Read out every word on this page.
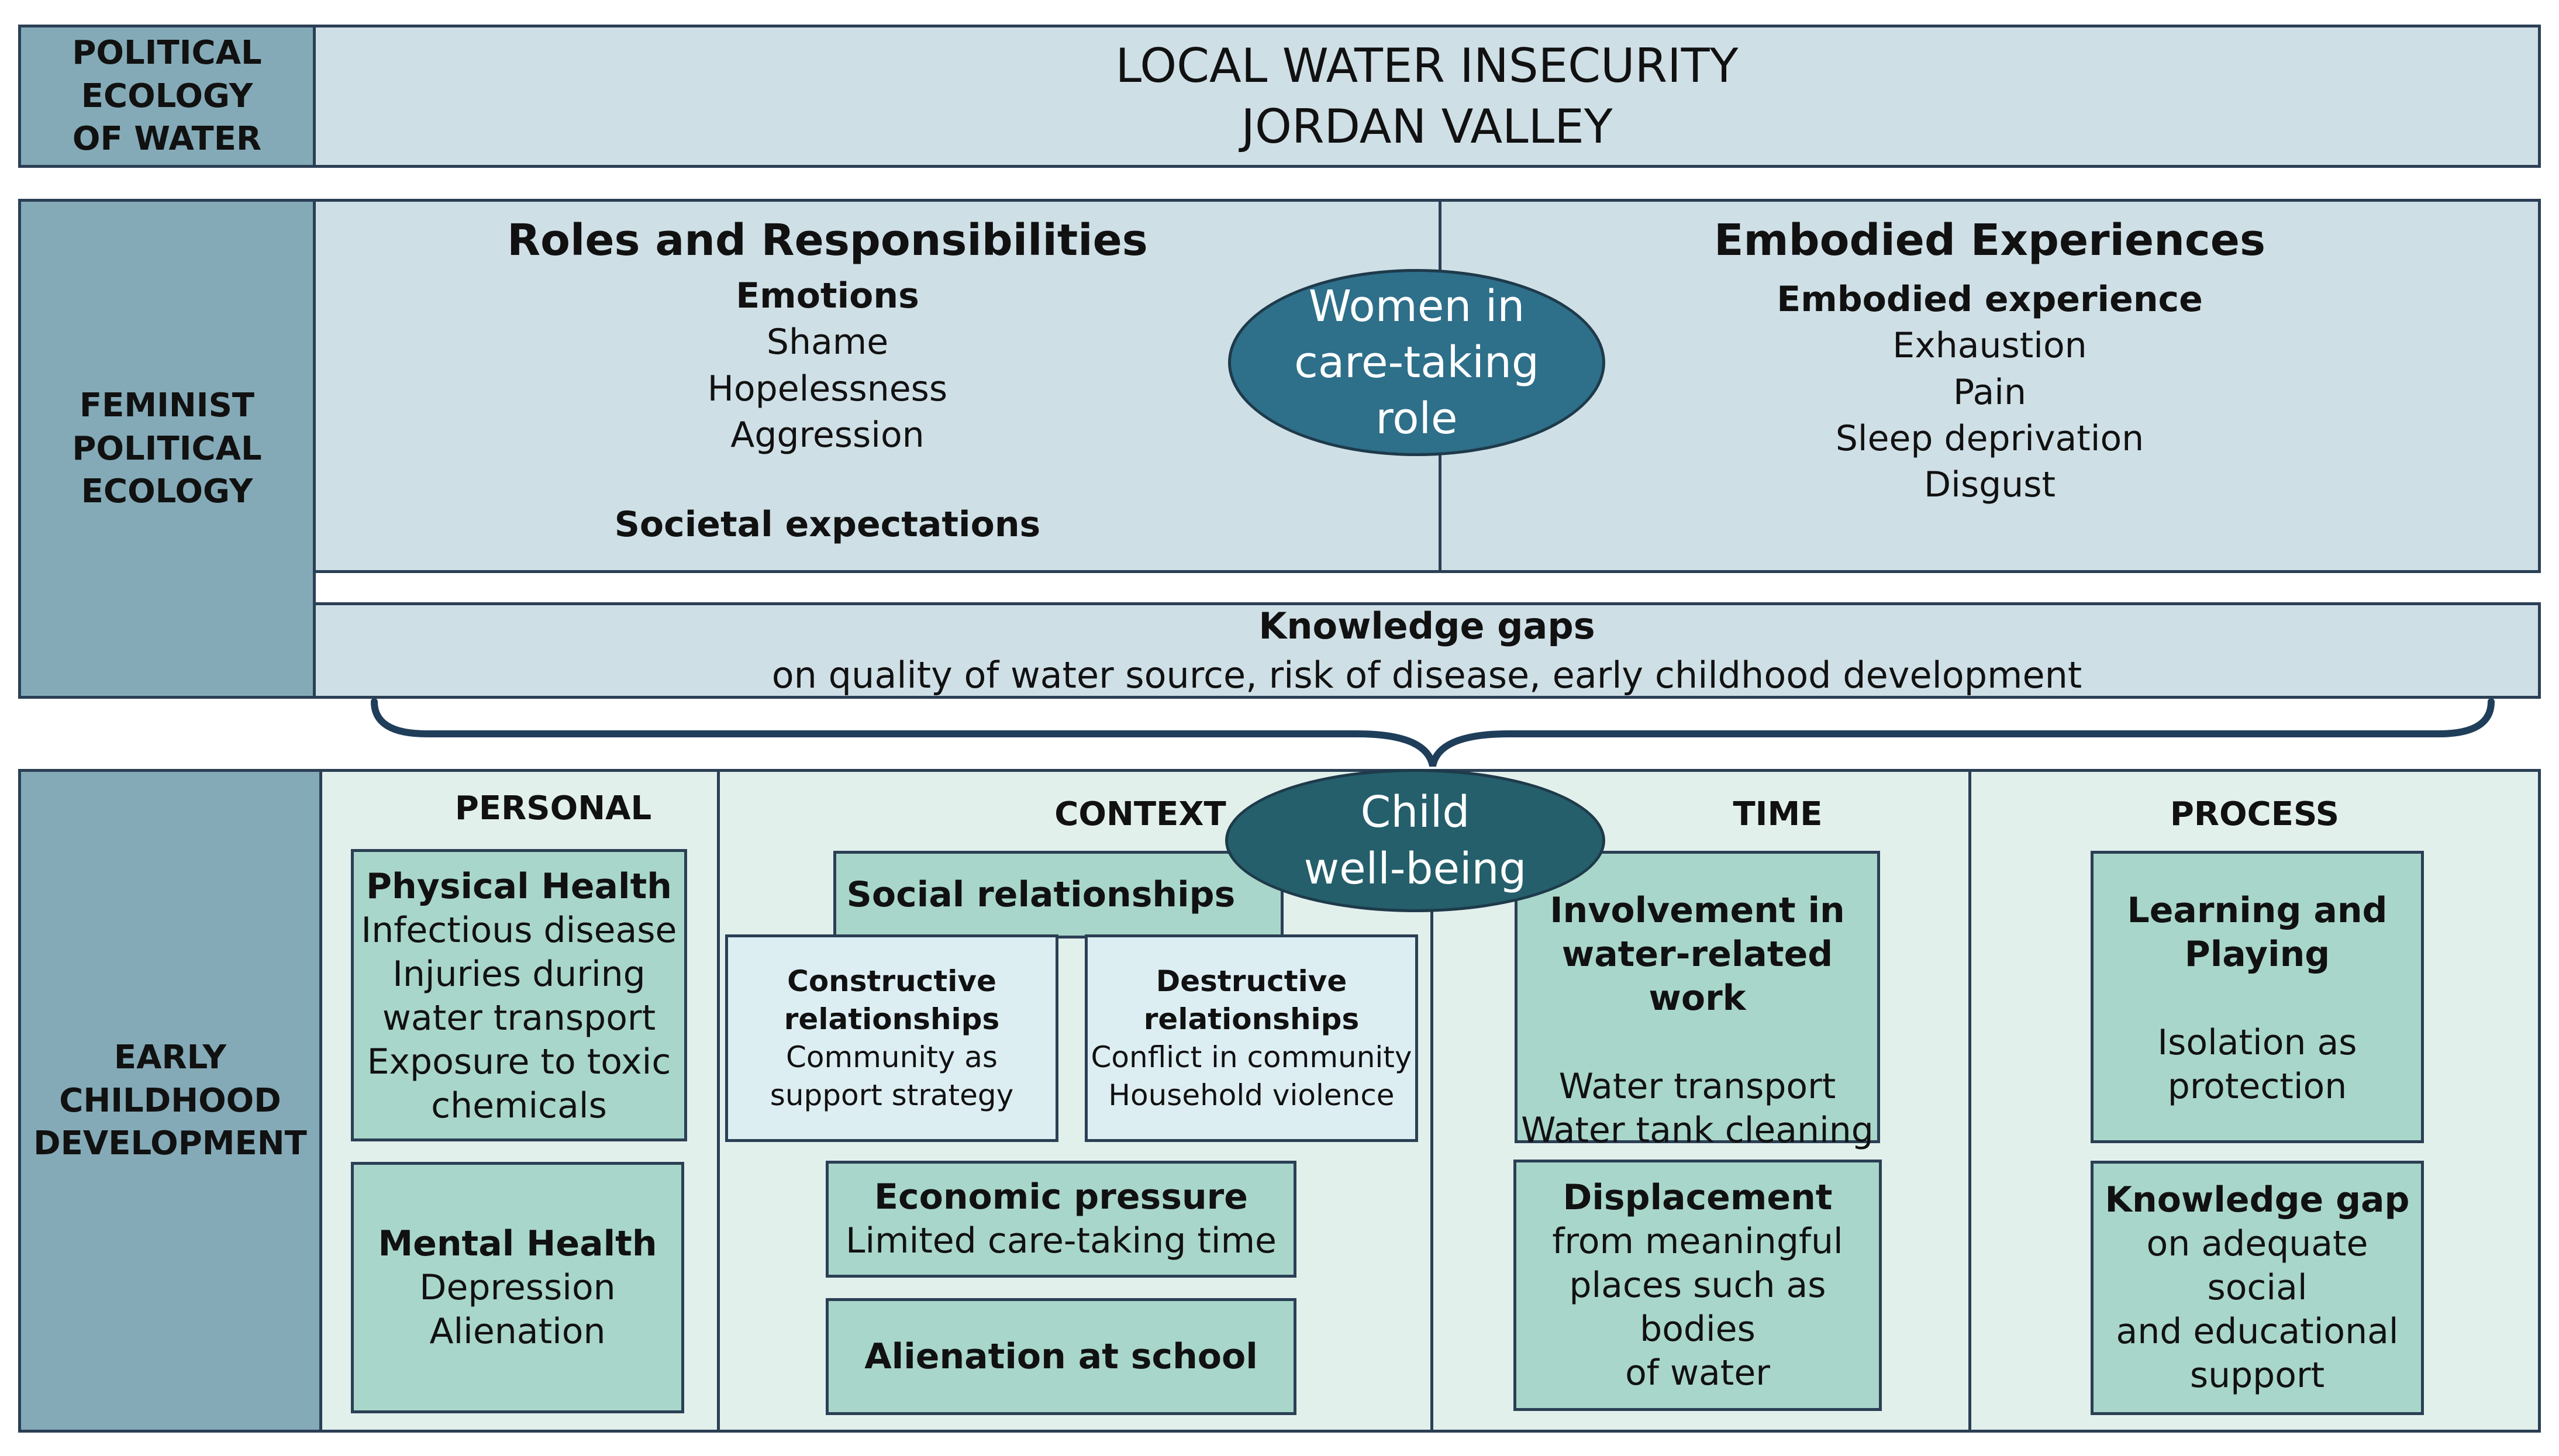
POLITICAL
ECOLOGY
OF WATER
LOCAL WATER INSECURITY
JORDAN VALLEY
FEMINIST
POLITICAL
ECOLOGY
Roles and Responsibilities
Emotions
Shame
Hopelessness
Aggression
Societal expectations
Embodied Experiences
Embodied experience
Exhaustion
Pain
Sleep deprivation
Disgust
Women in
care-taking
role
Knowledge gaps
on quality of water source, risk of disease, early childhood development
EARLY
CHILDHOOD
DEVELOPMENT
PERSONAL
Physical Health
Infectious disease
Injuries during
water transport
Exposure to toxic
chemicals
Mental Health
Depression
Alienation
CONTEXT
Social relationships
Constructive
relationships
Community as
support strategy
Destructive
relationships
Conflict in community
Household violence
Economic pressure
Limited care-taking time
Alienation at school
TIME
Involvement in
water-related work
Water transport
Water tank cleaning
Displacement
from meaningful
places such as bodies
of water
PROCESS
Learning and
Playing
Isolation as
protection
Knowledge gap
on adequate social
and educational
support
Child
well-being
